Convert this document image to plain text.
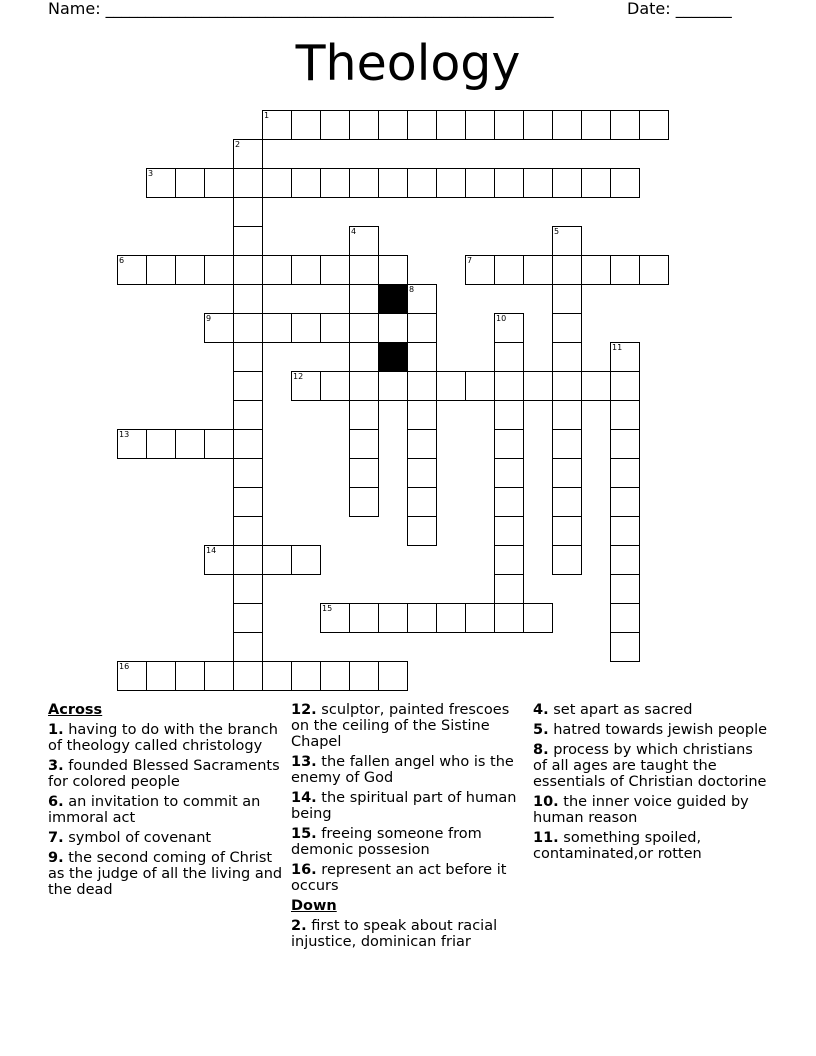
Name: ________________________________________________________	Date: _______
Theology
1
2
3
4	5
6	7
8
9	10
11
12
13
14
15
16
Across
1. having to do with the branch of theology called christology
3. founded Blessed Sacraments for colored people
6. an invitation to commit an immoral act
7. symbol of covenant
9. the second coming of Christ as the judge of all the living and the dead
12. sculptor, painted frescoes on the ceiling of the Sistine Chapel
13. the fallen angel who is the enemy of God
14. the spiritual part of human being
15. freeing someone from demonic possesion
16. represent an act before it occurs
Down
2. first to speak about racial injustice, dominican friar
4. set apart as sacred
5. hatred towards jewish people
8. process by which christians of all ages are taught the essentials of Christian doctorine
10. the inner voice guided by human reason
11. something spoiled, contaminated,or rotten
